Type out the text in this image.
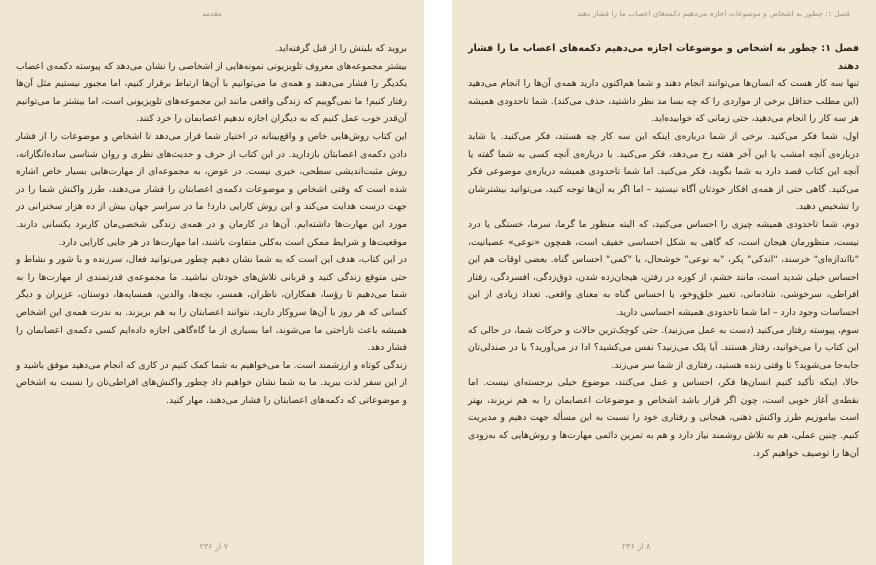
مقدمه

بروید که بلیتش را از قبل گرفته‌اید.

بیشتر مجموعه‌های معروف تلویزیونی نمونه‌هایی از اشخاصی را نشان می‌دهد که پیوسته دکمه‌ی اعصاب یکدیگر را فشار می‌دهند و همه‌ی ما می‌توانیم با آن‌ها ارتباط برقرار کنیم، اما مجبور نیستیم مثل آن‌ها رفتار کنیم! ما نمی‌گوییم که زندگی واقعی مانند این مجموعه‌های تلویزیونی است، اما بیشتر ما می‌توانیم آن‌قدر خوب عمل کنیم که به دیگران اجازه ندهیم اعصابمان را خرد کنند.

این کتاب روش‌هایی خاص و واقع‌بینانه در اختیار شما قرار می‌دهد تا اشخاص و موضوعات را از فشار دادن دکمه‌ی اعصابتان بازدارید. در این کتاب از حرف و حدیث‌های نظری و روان شناسی ساده‌انگارانه، روش مثبت‌اندیشی سطحی، خبری نیست. در عوض، به مجموعه‌ای از مهارت‌هایی بسیار خاص اشاره شده است که وقتی اشخاص و موضوعات دکمه‌ی اعصابتان را فشار می‌دهند، طرز واکنش شما را در جهت درست هدایت می‌کند و این روش کارایی دارد! ما در سراسر جهان بیش از ده هزار سخنرانی در مورد این مهارت‌ها داشته‌ایم. آن‌ها در کارمان و در همه‌ی زندگی شخصی‌مان کاربرد یکسانی دارند. موقعیت‌ها و شرایط ممکن است به‌کلی متفاوت باشند، اما مهارت‌ها در هر جایی کارایی دارد.

در این کتاب، هدف این است که به شما نشان دهیم چطور می‌توانید فعال، سرزنده و با شور و نشاط و حتی متوقع زندگی کنید و قربانی تلاش‌های خودتان نباشید. ما مجموعه‌ی قدرتمندی از مهارت‌ها را به شما می‌دهیم تا رؤسا، همکاران، ناظران، همسر، بچه‌ها، والدین، همسایه‌ها، دوستان، عزیزان و دیگر کسانی که هر روز با آن‌ها سروکار دارید، نتوانند اعصابتان را به هم بریزند. به ندرت همه‌ی این اشخاص همیشه باعث ناراحتی ما می‌شوند، اما بسیاری از ما گاه‌گاهی اجازه داده‌ایم کسی دکمه‌ی اعصابمان را فشار دهد.

زندگی کوتاه و ارزشمند است. ما می‌خواهیم به شما کمک کنیم در کاری که انجام می‌دهید موفق باشید و از این سفر لذت ببرید. ما به شما نشان خواهیم داد چطور واکنش‌های افراطی‌تان را نسبت به اشخاص و موضوعاتی که دکمه‌های اعصابتان را فشار می‌دهند، مهار کنید.

۷ از ۲۳۶
فصل ۱: چطور به اشخاص و موضوعات اجازه می‌دهیم دکمه‌های اعصاب ما را فشار دهند

فصل ۱: چطور به اشخاص و موضوعات اجازه می‌دهیم دکمه‌های اعصاب ما را فشار دهند

تنها سه کار هست که انسان‌ها می‌توانند انجام دهند و شما هم‌اکنون دارید همه‌ی آن‌ها را انجام می‌دهید (این مطلب حداقل برخی از مواردی را که چه بسا مد نظر داشتید، حذف می‌کند). شما تا‌حدودی همیشه هر سه کار را انجام می‌دهید، حتی زمانی که خوابیده‌اید.

اول، شما فکر می‌کنید. برخی از شما درباره‌ی اینکه این سه کار چه هستند، فکر می‌کنید. یا شاید درباره‌ی آنچه امشب یا این آخر هفته رخ می‌دهد، فکر می‌کنید. یا درباره‌ی آنچه کسی به شما گفته یا آنچه این کتاب قصد دارد به شما بگوید، فکر می‌کنید. اما شما تا‌حدودی همیشه درباره‌ی موضوعی فکر می‌کنید. گاهی حتی از همه‌ی افکار خودتان آگاه نیستید – اما اگر به آن‌ها توجه کنید، می‌توانید بیشترشان را تشخیص دهید.

دوم، شما تا‌حدودی همیشه چیزی را احساس می‌کنید، که البته منظور ما گرما، سرما، خستگی یا درد نیست، منظورمان هیجان است، که گاهی به شکل احساسی خفیف است، همچون «نوعی» عصبانیت، "تااندازه‌ای" خرسند، "اندکی" پکر، "به نوعی" خوشحال، یا "کمی" احساس گناه. بعضی اوقات هم این احساس خیلی شدید است، مانند خشم، از کوره در رفتن، هیجان‌زده شدن، ذوق‌زدگی، افسردگی، رفتار افراطی، سرخوشی، شادمانی، تغییر خلق‌وخو، یا احساس گناه به معنای واقعی. تعداد زیادی از این احساسات وجود دارد – اما شما تا‌حدودی همیشه احساسی دارید.

سوم، پیوسته رفتار می‌کنید (دست به عمل می‌زنید). حتی کوچک‌ترین حالات و حرکات شما، در حالی که این کتاب را می‌خوانید، رفتار هستند. آیا پلک می‌زنید؟ نفس می‌کشید؟ ادا در می‌آورید؟ یا در صندلی‌تان جابه‌جا می‌شوید؟ تا وقتی زنده هستید، رفتاری از شما سر می‌زند.

حالا، اینکه تأکید کنیم انسان‌ها فکر، احساس و عمل می‌کنند، موضوع خیلی برجسته‌ای نیست. اما نقطه‌ی آغاز خوبی است، چون اگر قرار باشد اشخاص و موضوعات اعصابمان را به هم نریزند، بهتر است بیاموزیم طرز واکنش ذهنی، هیجانی و رفتاری خود را نسبت به این مسأله جهت دهیم و مدیریت کنیم. چنین عملی، هم به تلاش روشمند نیاز دارد و هم به تمرین دائمی مهارت‌ها و روش‌هایی که به‌زودی آن‌ها را توصیف خواهیم کرد.

۸ از ۲۳۶
